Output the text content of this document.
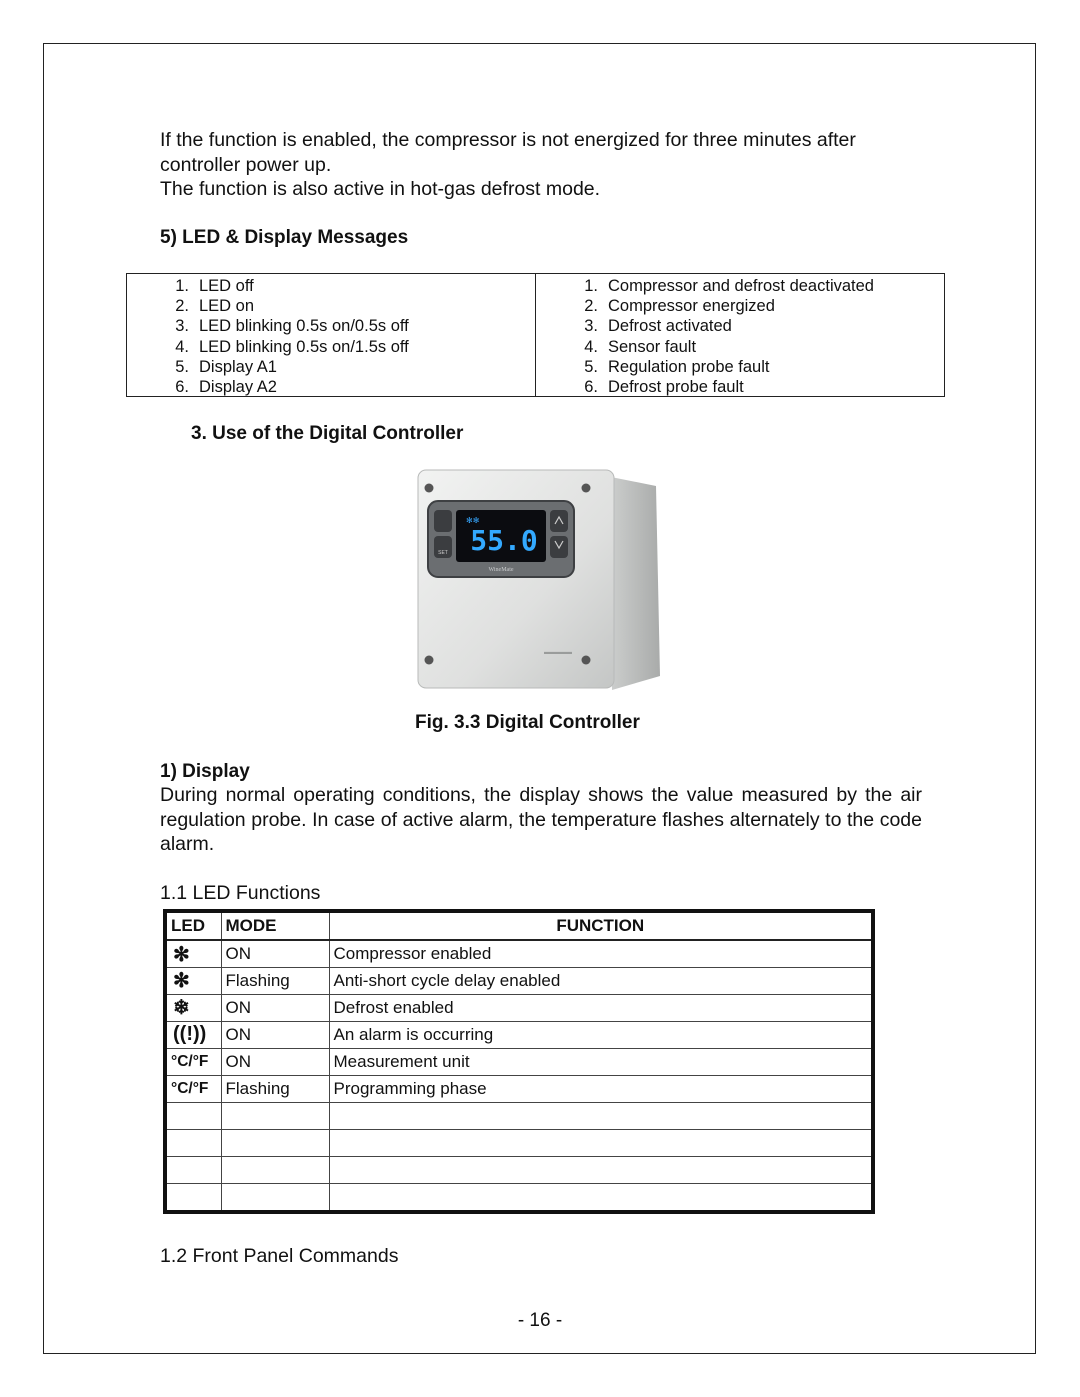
If the function is enabled, the compressor is not energized for three minutes after controller power up.

The function is also active in hot-gas defrost mode.

5) LED & Display Messages
1. LED off
2. LED on
3. LED blinking 0.5s on/0.5s off
4. LED blinking 0.5s on/1.5s off
5. Display A1
6. Display A2
1. Compressor and defrost deactivated
2. Compressor energized
3. Defrost activated
4. Sensor fault
5. Regulation probe fault
6. Defrost probe fault
3. Use of the Digital Controller
SET
✻✻
55.0
WineMate
▬▬▬▬
Fig. 3.3 Digital Controller
1) Display

During normal operating conditions, the display shows the value measured by the air regulation probe. In case of active alarm, the temperature flashes alternately to the code alarm.

1.1 LED Functions

LED	MODE	FUNCTION
✻	ON	Compressor enabled
✻	Flashing	Anti-short cycle delay enabled
❄	ON	Defrost enabled
((!))	ON	An alarm is occurring
°C/°F	ON	Measurement unit
°C/°F	Flashing	Programming phase

1.2 Front Panel Commands

- 16 -
